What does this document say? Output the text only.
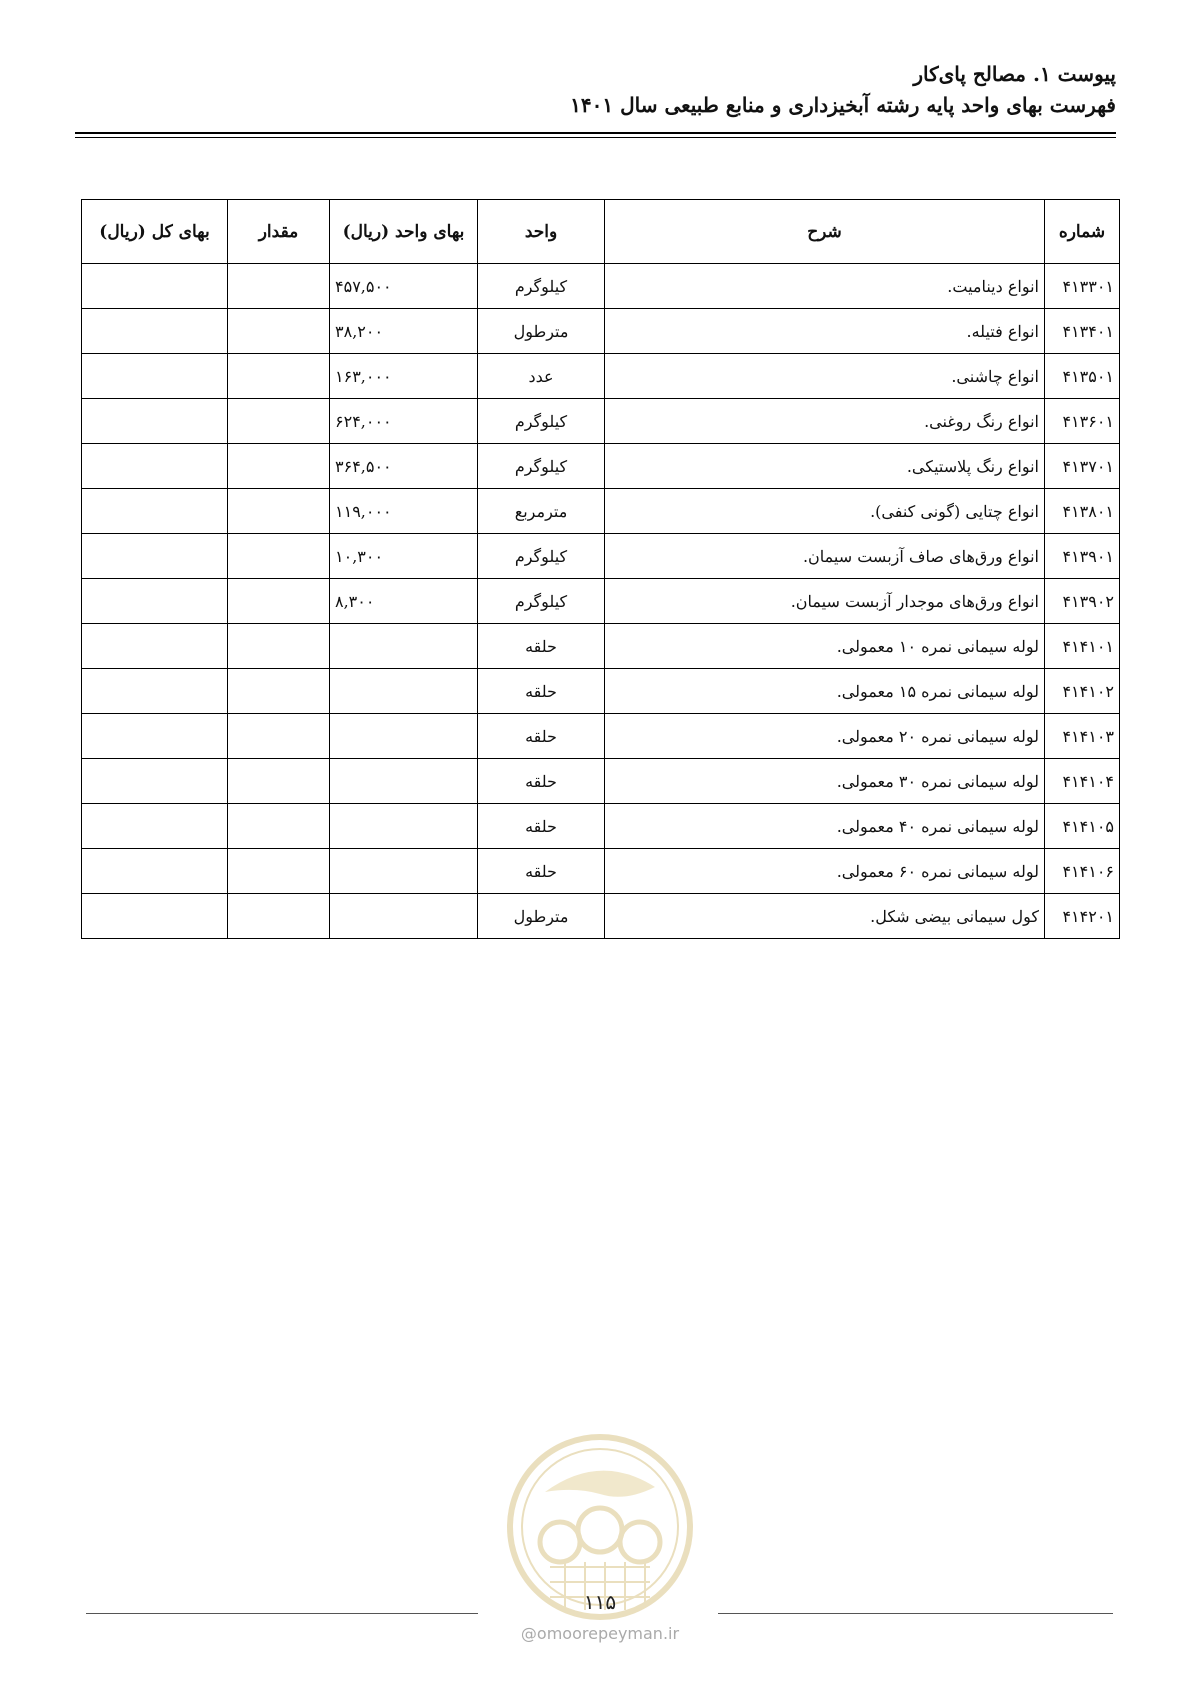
پیوست ۱. مصالح پای‌کار
فهرست بهای واحد پایه رشته آبخیزداری و منابع طبیعی سال ۱۴۰۱
شماره	شرح	واحد	بهای واحد (ریال)	مقدار	بهای کل (ریال)
۴۱۳۳۰۱	انواع دینامیت.	کیلوگرم	۴۵۷,۵۰۰		
۴۱۳۴۰۱	انواع فتیله.	مترطول	۳۸,۲۰۰		
۴۱۳۵۰۱	انواع چاشنی.	عدد	۱۶۳,۰۰۰		
۴۱۳۶۰۱	انواع رنگ روغنی.	کیلوگرم	۶۲۴,۰۰۰		
۴۱۳۷۰۱	انواع رنگ پلاستیکی.	کیلوگرم	۳۶۴,۵۰۰		
۴۱۳۸۰۱	انواع چتایی (گونی کنفی).	مترمربع	۱۱۹,۰۰۰		
۴۱۳۹۰۱	انواع ورق‌های صاف آزبست سیمان.	کیلوگرم	۱۰,۳۰۰		
۴۱۳۹۰۲	انواع ورق‌های موجدار آزبست سیمان.	کیلوگرم	۸,۳۰۰		
۴۱۴۱۰۱	لوله سیمانی نمره ۱۰ معمولی.	حلقه			
۴۱۴۱۰۲	لوله سیمانی نمره ۱۵ معمولی.	حلقه			
۴۱۴۱۰۳	لوله سیمانی نمره ۲۰ معمولی.	حلقه			
۴۱۴۱۰۴	لوله سیمانی نمره ۳۰ معمولی.	حلقه			
۴۱۴۱۰۵	لوله سیمانی نمره ۴۰ معمولی.	حلقه			
۴۱۴۱۰۶	لوله سیمانی نمره ۶۰ معمولی.	حلقه			
۴۱۴۲۰۱	کول سیمانی بیضی شکل.	مترطول			
۱۱۵
@omoorepeyman.ir
